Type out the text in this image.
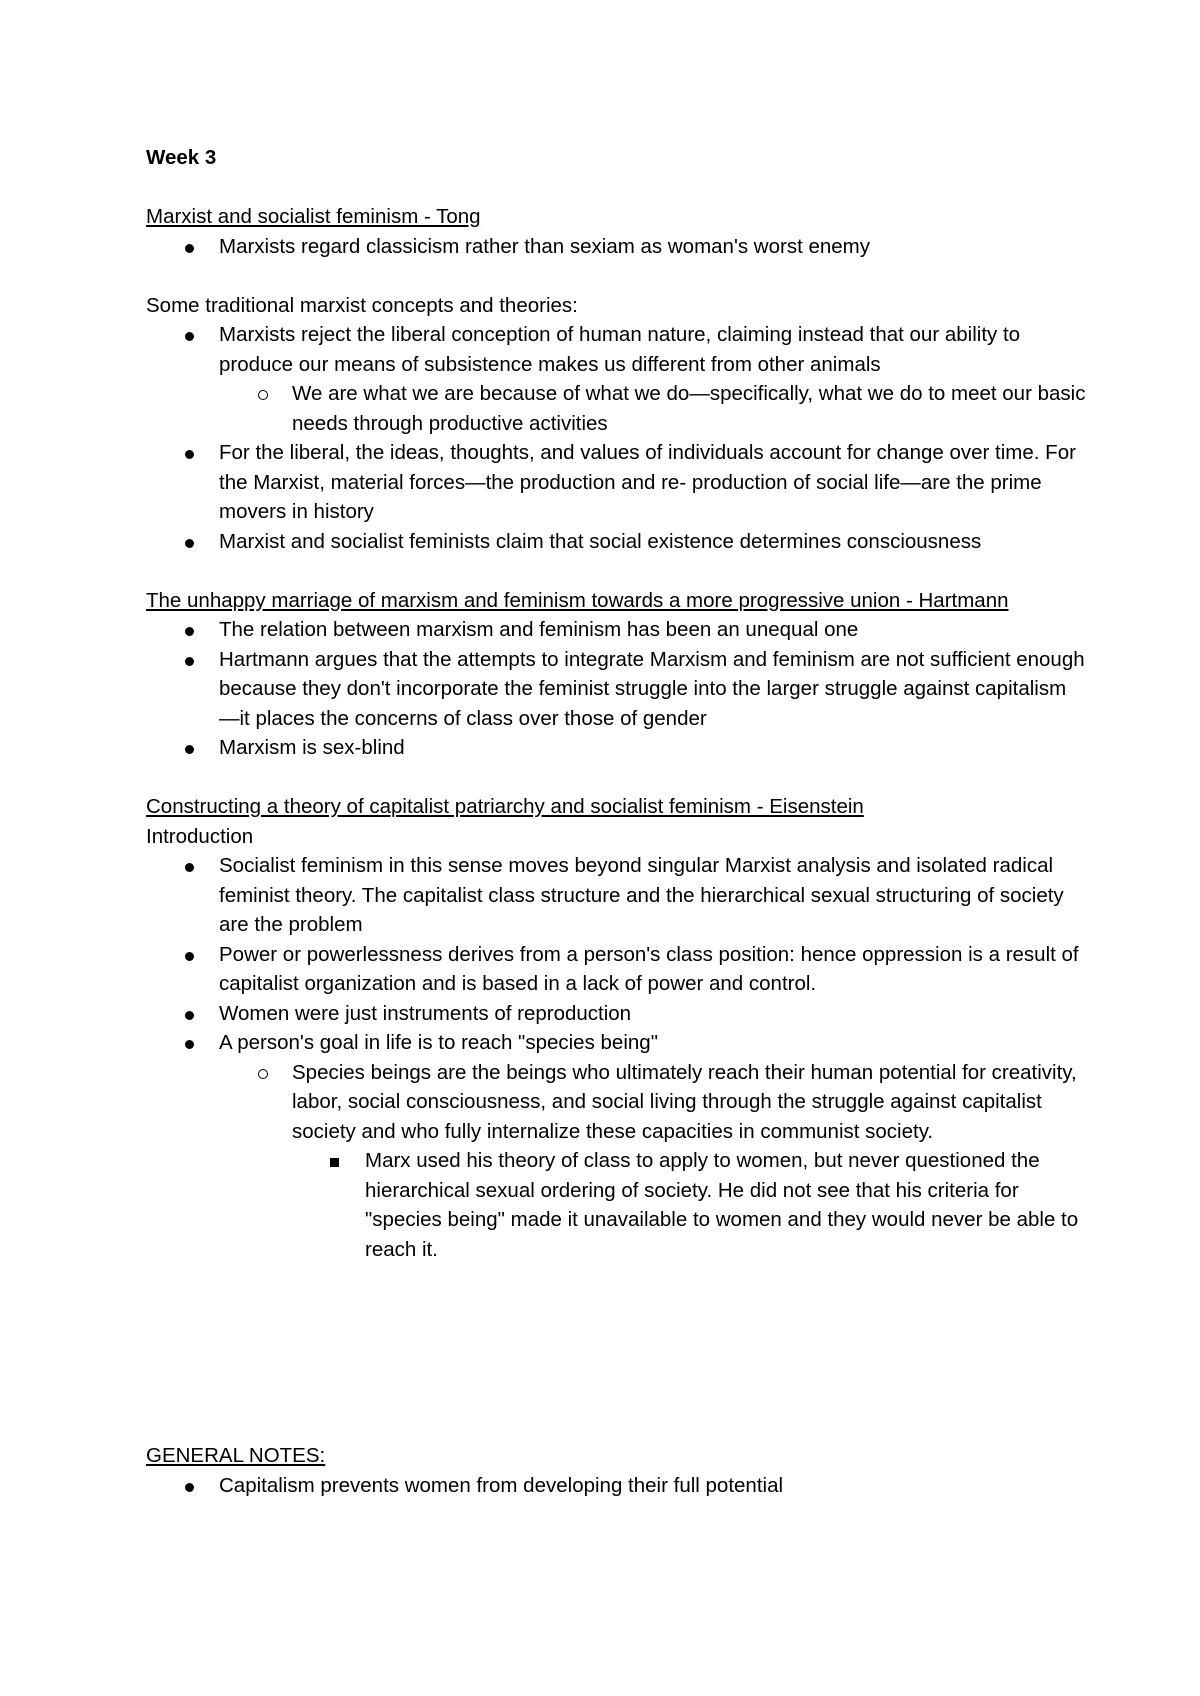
Week 3

Marxist and socialist feminism - Tong

Marxists regard classicism rather than sexiam as woman's worst enemy

Some traditional marxist concepts and theories:

Marxists reject the liberal conception of human nature, claiming instead that our ability to produce our means of subsistence makes us different from other animals
We are what we are because of what we do—specifically, what we do to meet our basic needs through productive activities
For the liberal, the ideas, thoughts, and values of individuals account for change over time. For the Marxist, material forces—the production and re- production of social life—are the prime movers in history
Marxist and socialist feminists claim that social existence determines consciousness

The unhappy marriage of marxism and feminism towards a more progressive union - Hartmann

The relation between marxism and feminism has been an unequal one
Hartmann argues that the attempts to integrate Marxism and feminism are not sufficient enough because they don't incorporate the feminist struggle into the larger struggle against capitalism—it places the concerns of class over those of gender
Marxism is sex-blind

Constructing a theory of capitalist patriarchy and socialist feminism - Eisenstein

Introduction

Socialist feminism in this sense moves beyond singular Marxist analysis and isolated radical feminist theory. The capitalist class structure and the hierarchical sexual structuring of society are the problem
Power or powerlessness derives from a person's class position: hence oppression is a result of capitalist organization and is based in a lack of power and control.
Women were just instruments of reproduction
A person's goal in life is to reach "species being"
Species beings are the beings who ultimately reach their human potential for creativity, labor, social consciousness, and social living through the struggle against capitalist society and who fully internalize these capacities in communist society.
Marx used his theory of class to apply to women, but never questioned the hierarchical sexual ordering of society. He did not see that his criteria for "species being" made it unavailable to women and they would never be able to reach it.

GENERAL NOTES:

Capitalism prevents women from developing their full potential
